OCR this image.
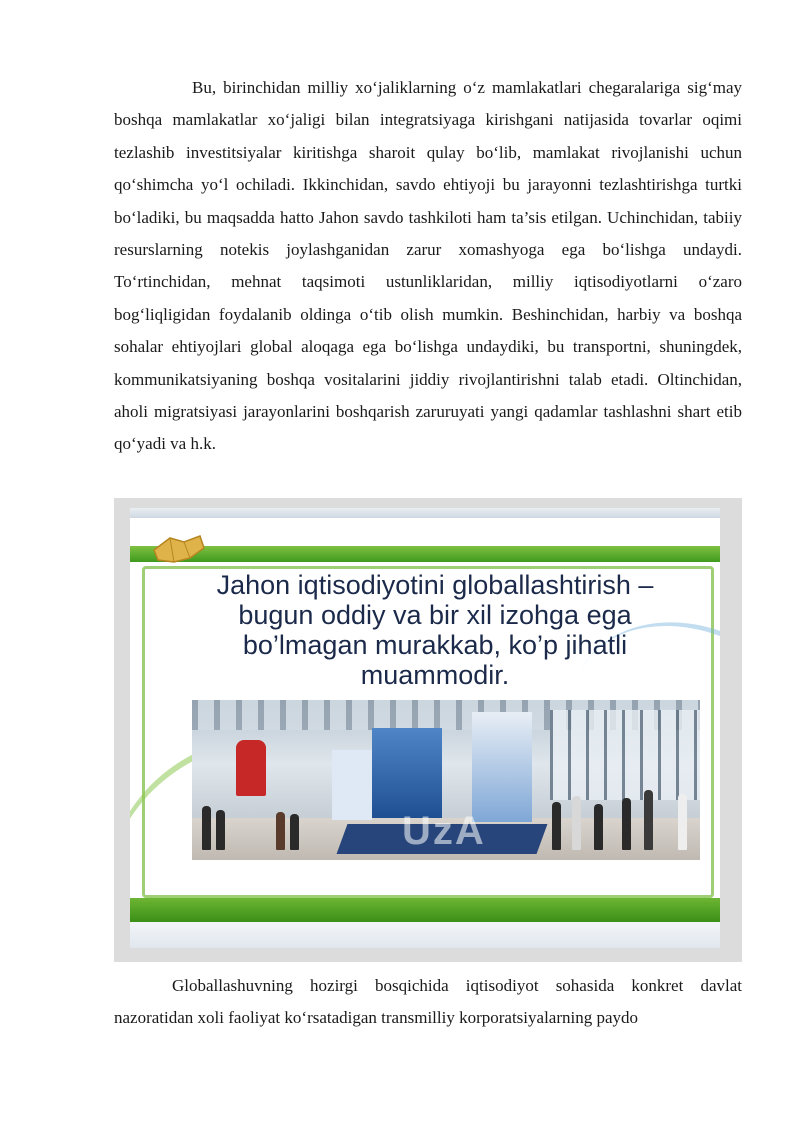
Bu, birinchidan milliy xo‘jaliklarning o‘z mamlakatlari chegaralariga sig‘may boshqa mamlakatlar xo‘jaligi bilan integratsiyaga kirishgani natijasida tovarlar oqimi tezlashib investitsiyalar kiritishga sharoit qulay bo‘lib, mamlakat rivojlanishi uchun qo‘shimcha yo‘l ochiladi. Ikkinchidan, savdo ehtiyoji bu jarayonni tezlashtirishga turtki bo‘ladiki, bu maqsadda hatto Jahon savdo tashkiloti ham ta’sis etilgan. Uchinchidan, tabiiy resurslarning notekis joylashganidan zarur xomashyoga ega bo‘lishga undaydi. To‘rtinchidan, mehnat taqsimoti ustunliklaridan, milliy iqtisodiyotlarni o‘zaro bog‘liqligidan foydalanib oldinga o‘tib olish mumkin. Beshinchidan, harbiy va boshqa sohalar ehtiyojlari global aloqaga ega bo‘lishga undaydiki, bu transportni, shuningdek, kommunikatsiyaning boshqa vositalarini jiddiy rivojlantirishni talab etadi. Oltinchidan, aholi migratsiyasi jarayonlarini boshqarish zaruruyati yangi qadamlar tashlashni shart etib qo‘yadi va h.k.

Jahon iqtisodiyotini globallashtirish – bugun oddiy va bir xil izohga ega bo’lmagan murakkab, ko’p jihatli muammodir.

UzA

Globallashuvning hozirgi bosqichida iqtisodiyot sohasida konkret davlat nazoratidan xoli faoliyat ko‘rsatadigan transmilliy korporatsiyalarning paydo
